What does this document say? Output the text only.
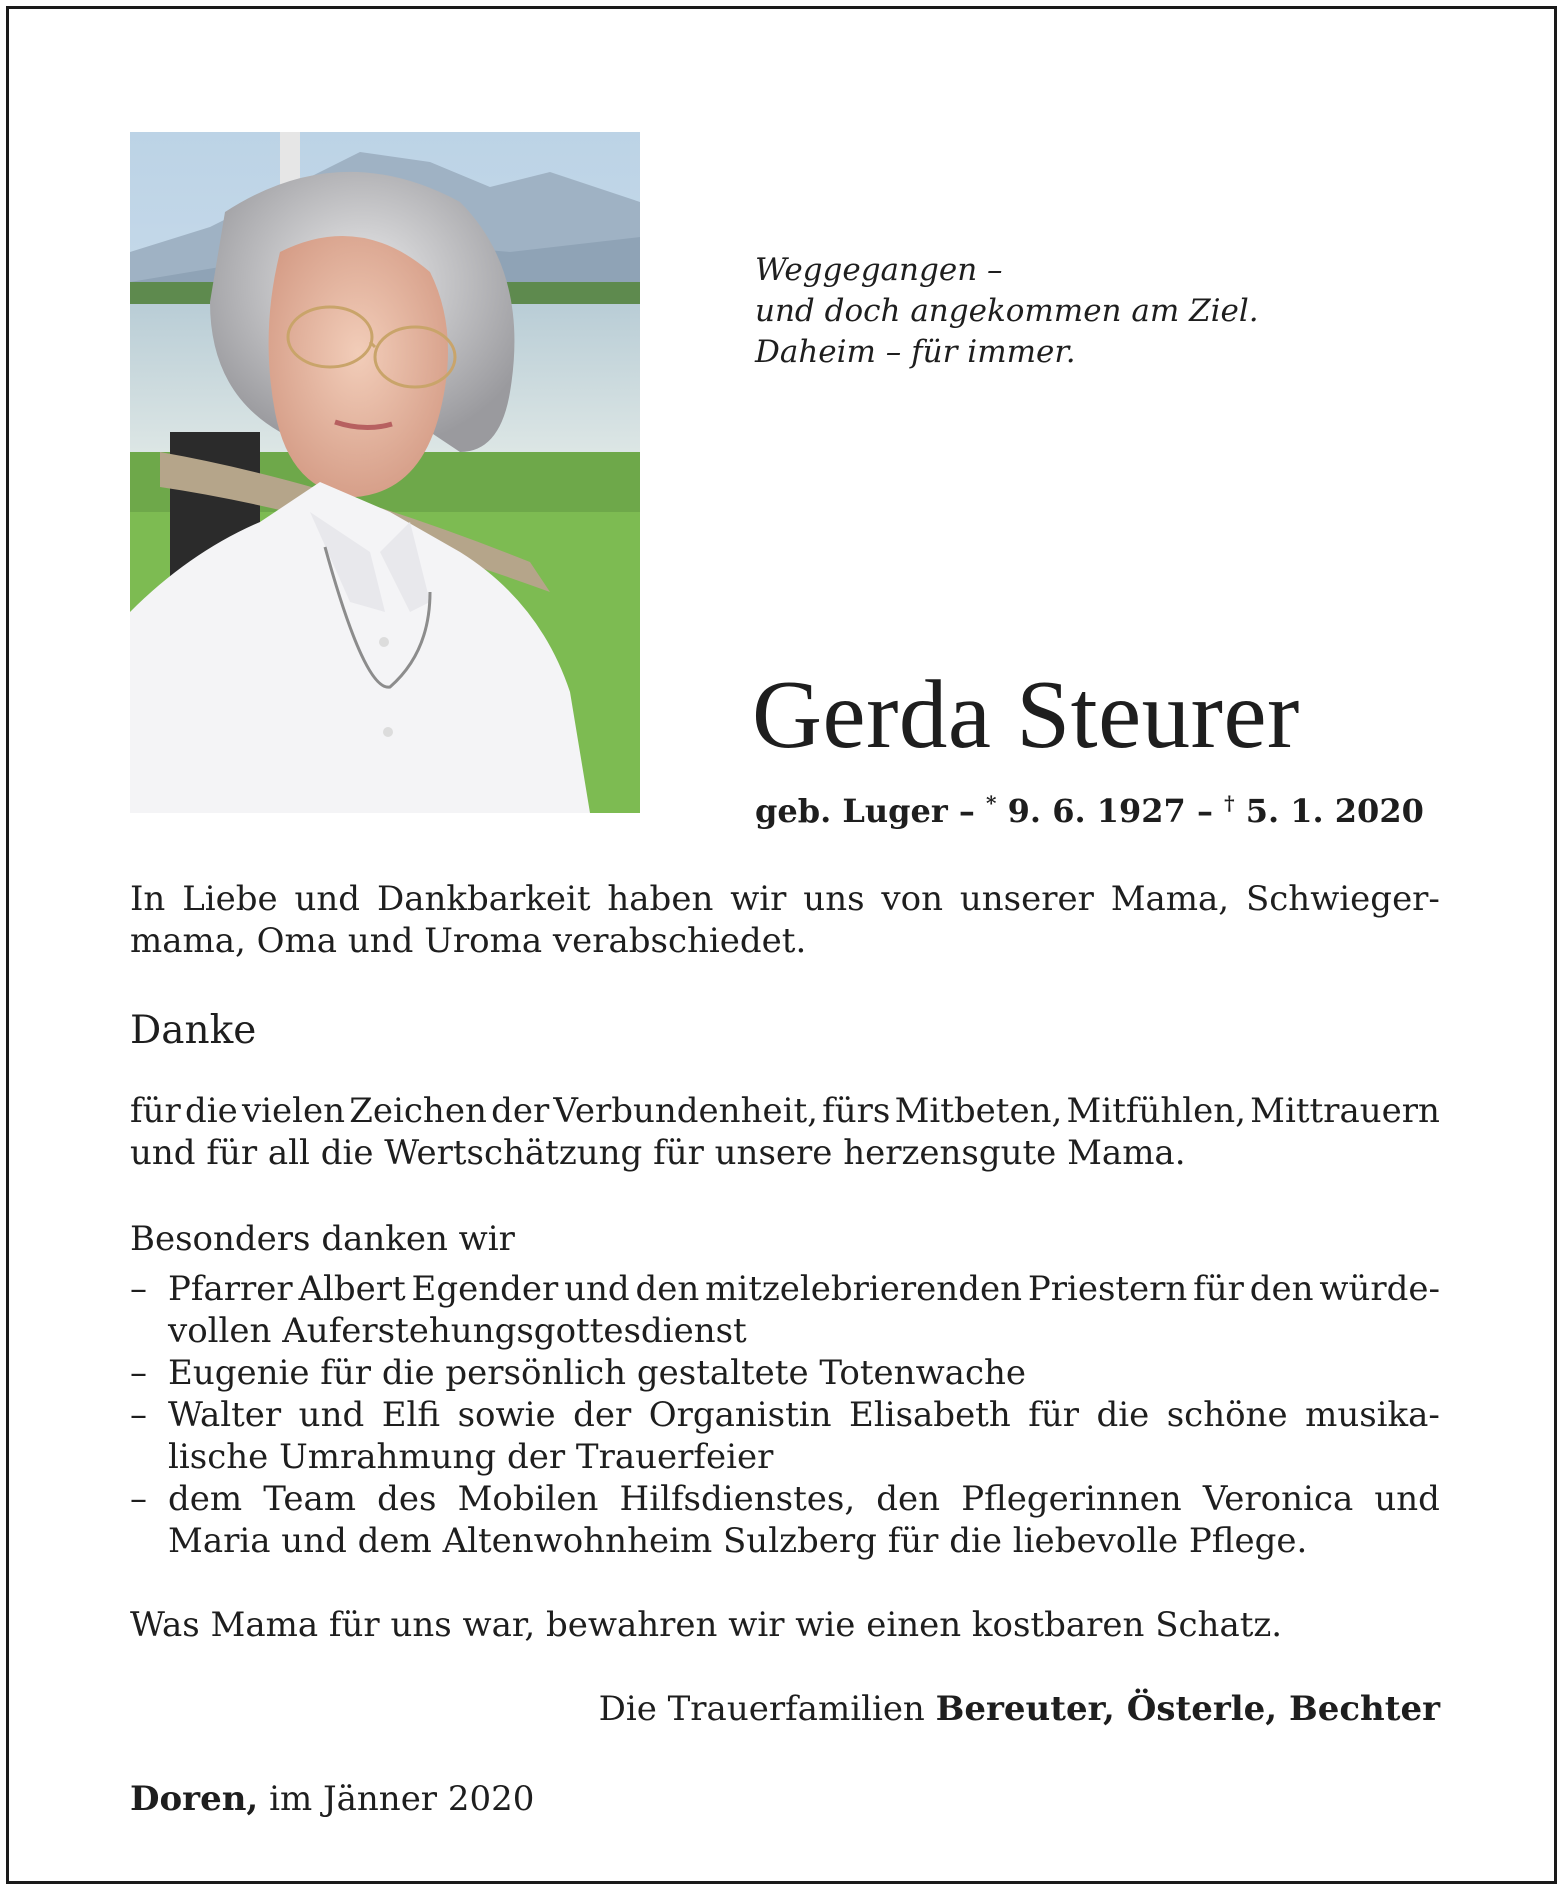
Weggegangen –
und doch angekommen am Ziel.
Daheim – für immer.
Gerda Steurer
geb. Luger – * 9. 6. 1927 – † 5. 1. 2020
In Liebe und Dankbarkeit haben wir uns von unserer Mama, Schwieger-
mama, Oma und Uroma verabschiedet.
Danke
für die vielen Zeichen der Verbundenheit, fürs Mitbeten, Mitfühlen, Mittrauern
und für all die Wertschätzung für unsere herzensgute Mama.
Besonders danken wir
– Pfarrer Albert Egender und den mitzelebrierenden Priestern für den würde-
vollen Auferstehungsgottesdienst
– Eugenie für die persönlich gestaltete Totenwache
– Walter und Elfi sowie der Organistin Elisabeth für die schöne musika-
lische Umrahmung der Trauerfeier
– dem Team des Mobilen Hilfsdienstes, den Pflegerinnen Veronica und
Maria und dem Altenwohnheim Sulzberg für die liebevolle Pflege.
Was Mama für uns war, bewahren wir wie einen kostbaren Schatz.
Die Trauerfamilien Bereuter, Österle, Bechter
Doren, im Jänner 2020
